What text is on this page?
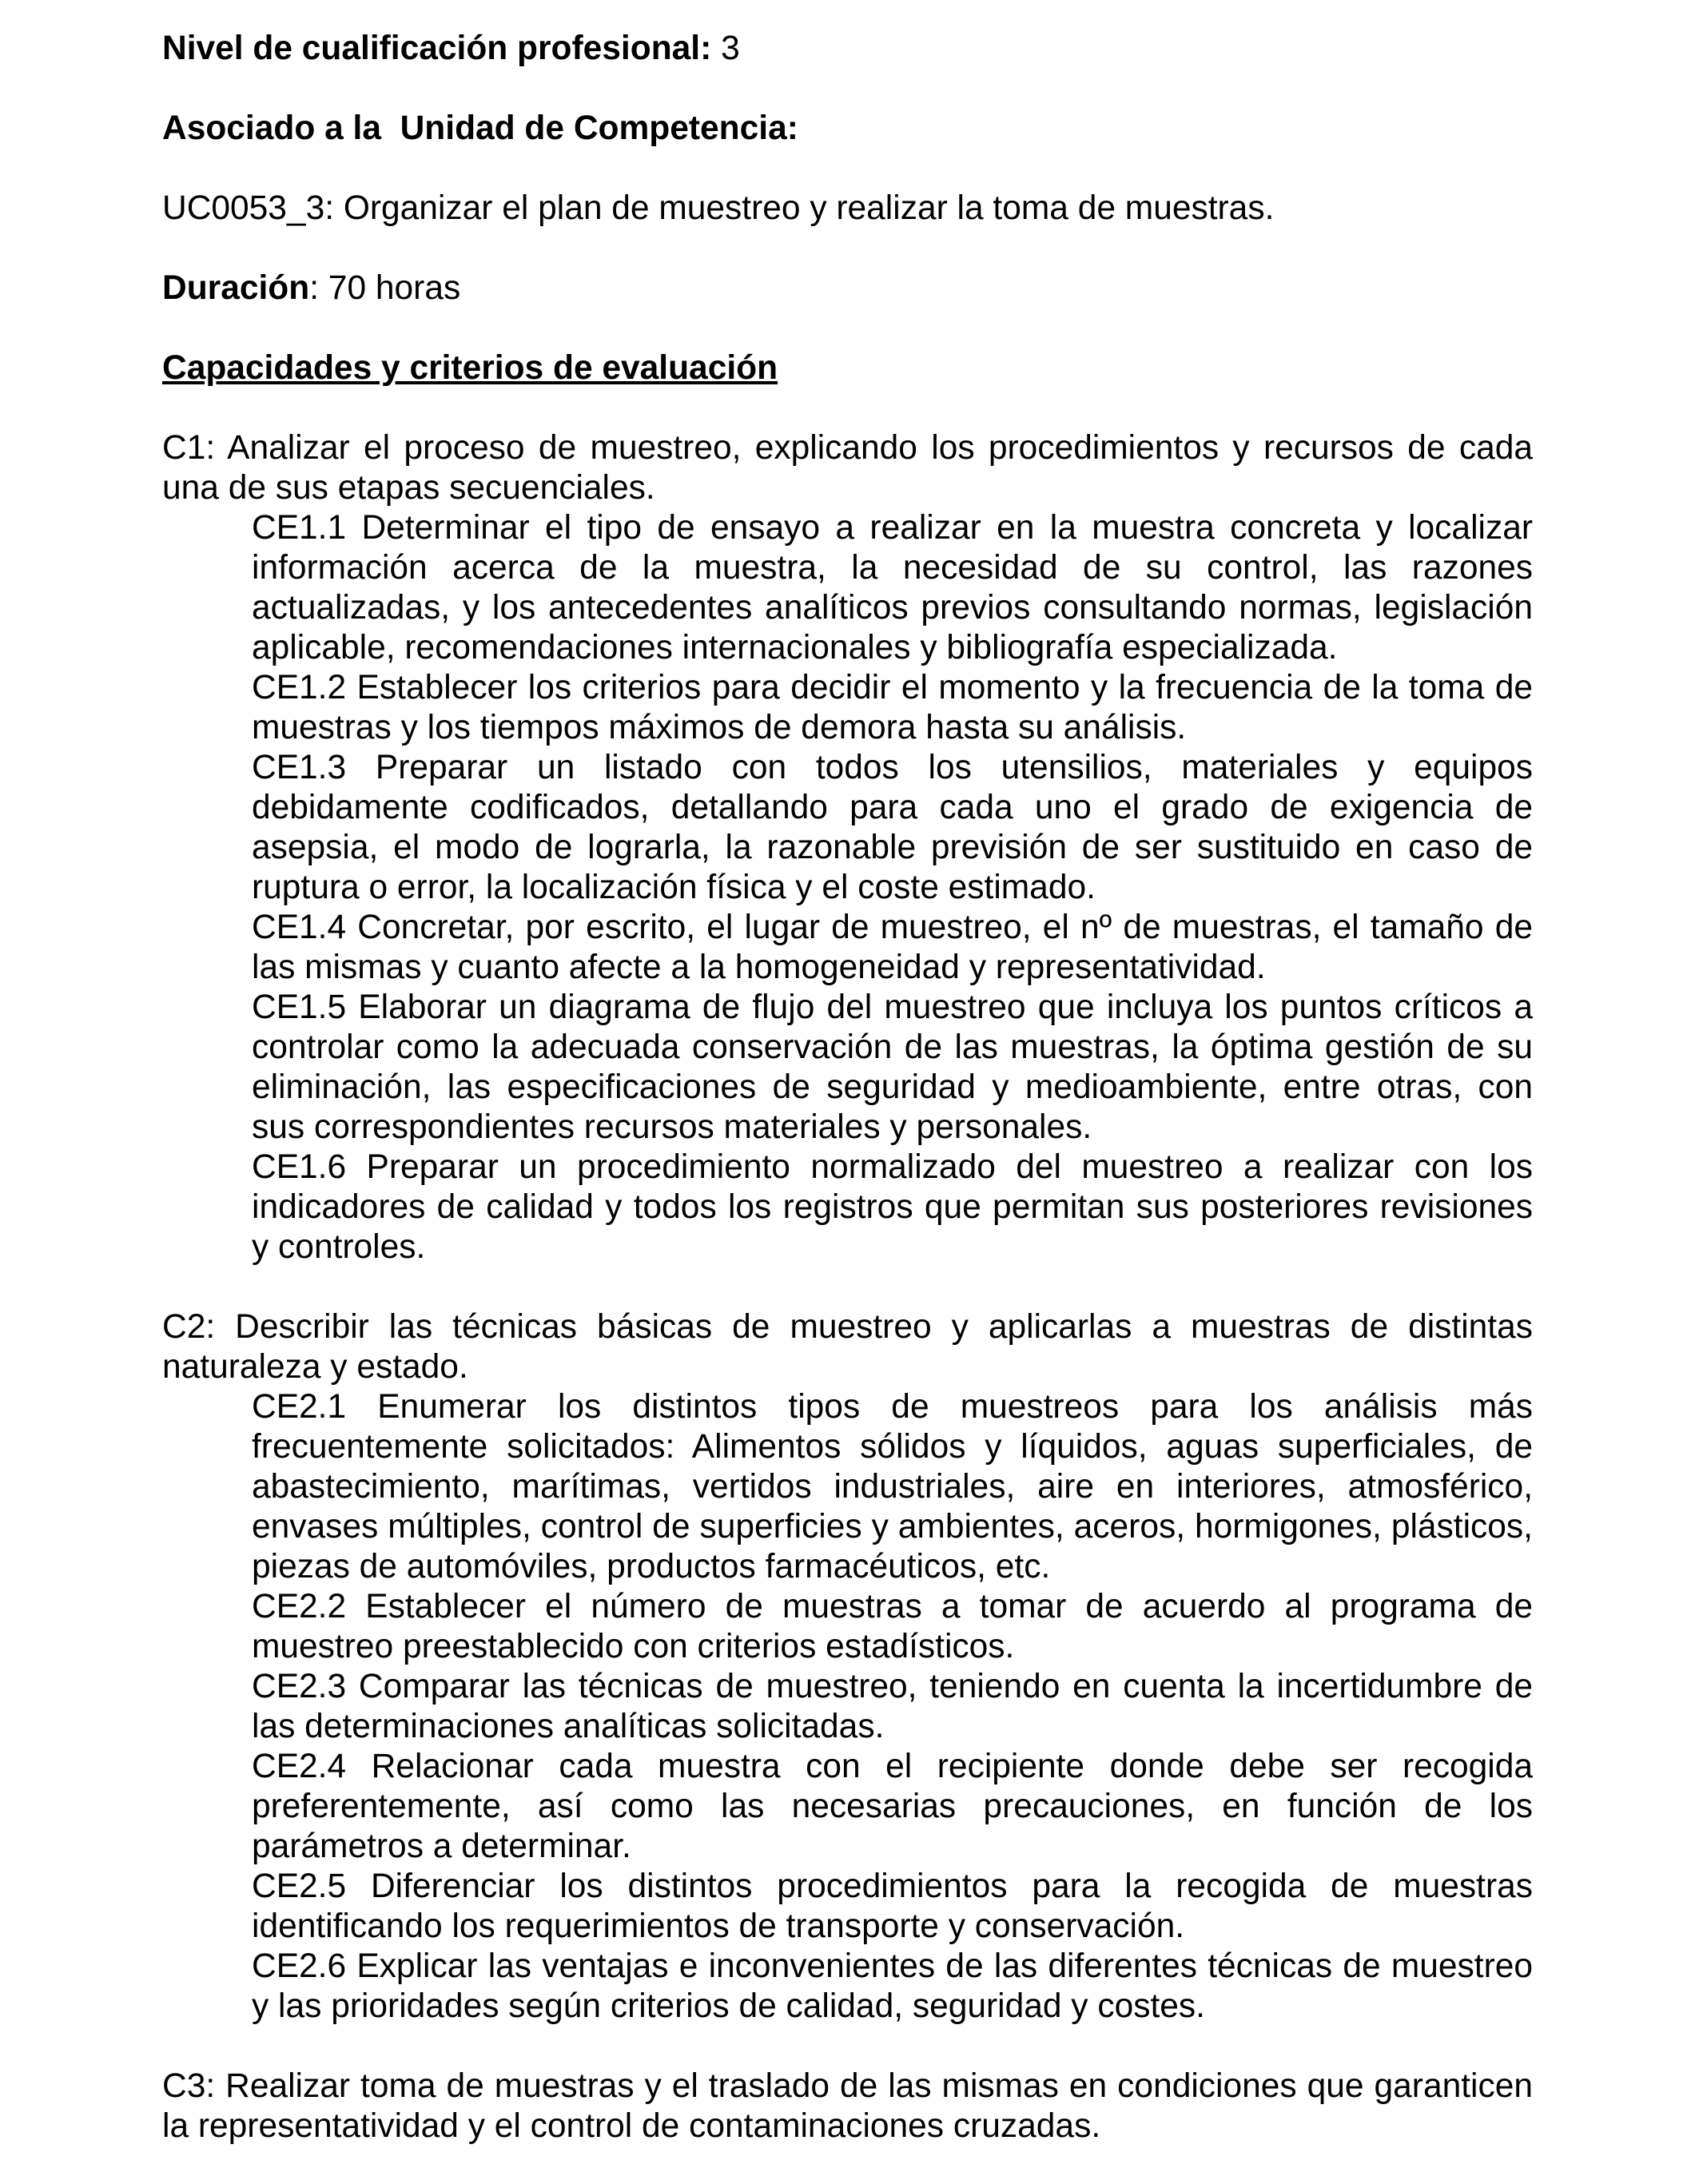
Nivel de cualificación profesional: 3

Asociado a la  Unidad de Competencia:

UC0053_3: Organizar el plan de muestreo y realizar la toma de muestras.

Duración: 70 horas

Capacidades y criterios de evaluación

C1: Analizar el proceso de muestreo, explicando los procedimientos y recursos de cada una de sus etapas secuenciales.

CE1.1 Determinar el tipo de ensayo a realizar en la muestra concreta y localizar información acerca de la muestra, la necesidad de su control, las razones actualizadas, y los antecedentes analíticos previos consultando normas, legislación aplicable, recomendaciones internacionales y bibliografía especializada.
CE1.2 Establecer los criterios para decidir el momento y la frecuencia de la toma de muestras y los tiempos máximos de demora hasta su análisis.
CE1.3 Preparar un listado con todos los utensilios, materiales y equipos debidamente codificados, detallando para cada uno el grado de exigencia de asepsia, el modo de lograrla, la razonable previsión de ser sustituido en caso de ruptura o error, la localización física y el coste estimado.
CE1.4 Concretar, por escrito, el lugar de muestreo, el nº de muestras, el tamaño de las mismas y cuanto afecte a la homogeneidad y representatividad.
CE1.5 Elaborar un diagrama de flujo del muestreo que incluya los puntos críticos a controlar como la adecuada conservación de las muestras, la óptima gestión de su eliminación, las especificaciones de seguridad y medioambiente, entre otras, con sus correspondientes recursos materiales y personales.
CE1.6 Preparar un procedimiento normalizado del muestreo a realizar con los indicadores de calidad y todos los registros que permitan sus posteriores revisiones y controles.

C2: Describir las técnicas básicas de muestreo y aplicarlas a muestras de distintas naturaleza y estado.

CE2.1 Enumerar los distintos tipos de muestreos para los análisis más frecuentemente solicitados: Alimentos sólidos y líquidos, aguas superficiales, de abastecimiento, marítimas, vertidos industriales, aire en interiores, atmosférico, envases múltiples, control de superficies y ambientes, aceros, hormigones, plásticos, piezas de automóviles, productos farmacéuticos, etc.
CE2.2 Establecer el número de muestras a tomar de acuerdo al programa de muestreo preestablecido con criterios estadísticos.
CE2.3 Comparar las técnicas de muestreo, teniendo en cuenta la incertidumbre de las determinaciones analíticas solicitadas.
CE2.4 Relacionar cada muestra con el recipiente donde debe ser recogida preferentemente, así como las necesarias precauciones, en función de los parámetros a determinar.
CE2.5 Diferenciar los distintos procedimientos para la recogida de muestras identificando los requerimientos de transporte y conservación.
CE2.6 Explicar las ventajas e inconvenientes de las diferentes técnicas de muestreo y las prioridades según criterios de calidad, seguridad y costes.

C3: Realizar toma de muestras y el traslado de las mismas en condiciones que garanticen la representatividad y el control de contaminaciones cruzadas.
